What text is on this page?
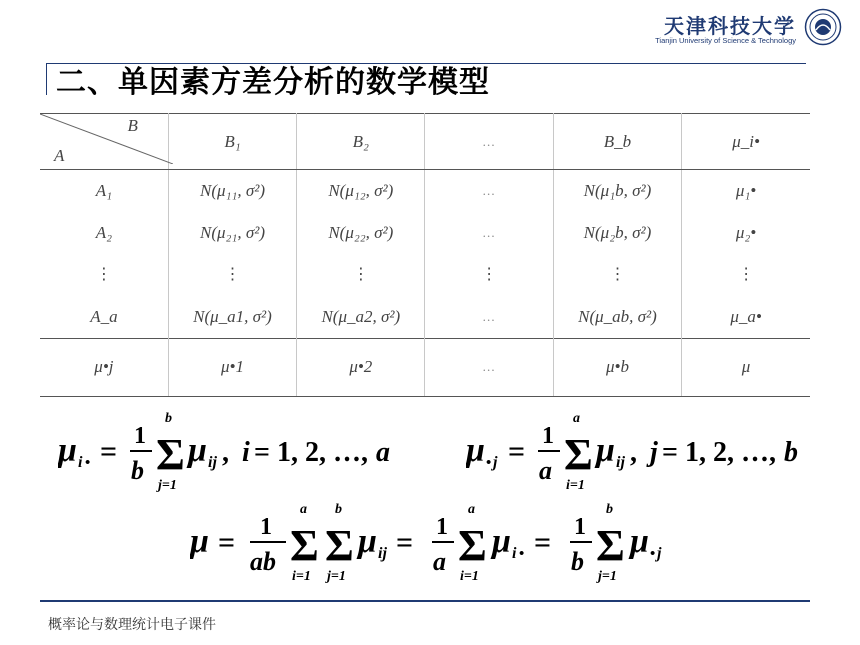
天津科技大学
Tianjin University of Science & Technology
二、单因素方差分析的数学模型
B
A	B₁	B₂	…	B_b	μ_i•
A₁	N(μ₁₁, σ²)	N(μ₁₂, σ²)	…	N(μ₁b, σ²)	μ₁•
A₂	N(μ₂₁, σ²)	N(μ₂₂, σ²)	…	N(μ₂b, σ²)	μ₂•
⋮	⋮	⋮	⋮	⋮	⋮
A_a	N(μ_a1, σ²)	N(μ_a2, σ²)	…	N(μ_ab, σ²)	μ_a•
μ•j	μ•1	μ•2	…	μ•b	μ
μ i • = 1
b
b
Σ
j=1
μ ij , i = 1, 2, …, a μ • j = 1
a
a
Σ
i=1
μ ij , j = 1, 2, …, b
μ = 1
ab
a
Σ
i=1
b
Σ
j=1
μ ij = 1
a
a
Σ
i=1
μ i • = 1
b
b
Σ
j=1
μ • j
概率论与数理统计电子课件
